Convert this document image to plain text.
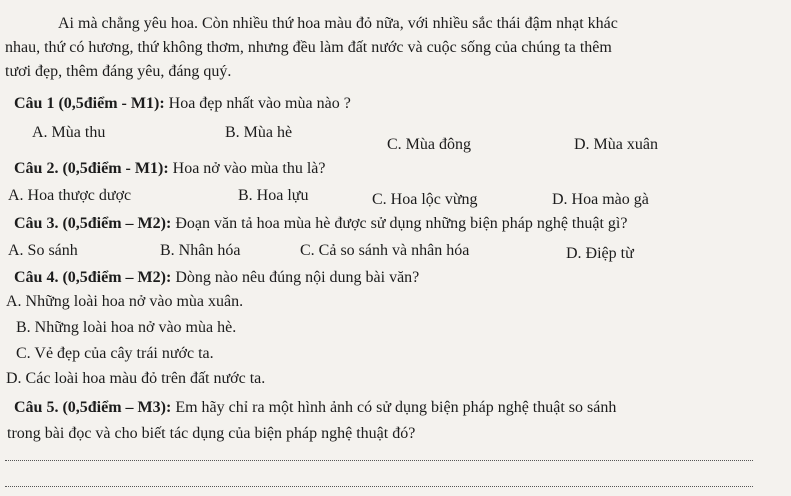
Ai mà chẳng yêu hoa. Còn nhiều thứ hoa màu đỏ nữa, với nhiều sắc thái đậm nhạt khác
nhau, thứ có hương, thứ không thơm, nhưng đều làm đất nước và cuộc sống của chúng ta thêm
tươi đẹp, thêm đáng yêu, đáng quý.
Câu 1 (0,5điểm - M1): Hoa đẹp nhất vào mùa nào ?
A. Mùa thu	B. Mùa hè
C. Mùa đông	D. Mùa xuân
Câu 2. (0,5điểm - M1): Hoa nở vào mùa thu là?
A. Hoa thược dược	B. Hoa lựu	C. Hoa lộc vừng	D. Hoa mào gà
Câu 3. (0,5điểm – M2): Đoạn văn tả hoa mùa hè được sử dụng những biện pháp nghệ thuật gì?
A. So sánh	B. Nhân hóa	C. Cả so sánh và nhân hóa	D. Điệp từ
Câu 4. (0,5điểm – M2): Dòng nào nêu đúng nội dung bài văn?
A. Những loài hoa nở vào mùa xuân.
B. Những loài hoa nở vào mùa hè.
C. Vẻ đẹp của cây trái nước ta.
D. Các loài hoa màu đỏ trên đất nước ta.
Câu 5. (0,5điểm – M3): Em hãy chỉ ra một hình ảnh có sử dụng biện pháp nghệ thuật so sánh
trong bài đọc và cho biết tác dụng của biện pháp nghệ thuật đó?
